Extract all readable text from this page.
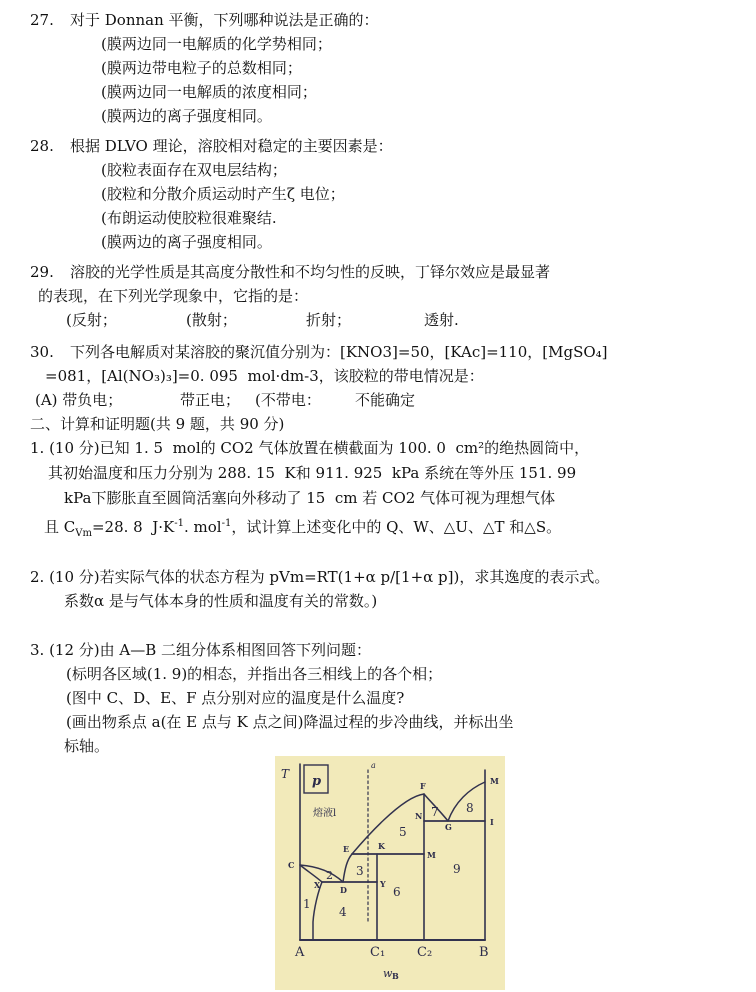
27. 对于 Donnan 平衡，下列哪种说法是正确的：
(膜两边同一电解质的化学势相同；
(膜两边带电粒子的总数相同；
(膜两边同一电解质的浓度相同；
(膜两边的离子强度相同。
28. 根据 DLVO 理论，溶胶相对稳定的主要因素是：
(胶粒表面存在双电层结构；
(胶粒和分散介质运动时产生ζ 电位；
(布朗运动使胶粒很难聚结.
(膜两边的离子强度相同。
29. 溶胶的光学性质是其高度分散性和不均匀性的反映，丁铎尔效应是最显著
的表现，在下列光学现象中，它指的是：
(反射；	(散射；	折射；	透射.
30. 下列各电解质对某溶胶的聚沉值分别为：[KNO3]=50，[KAc]=110，[MgSO₄]
=081，[Al(NO₃)₃]=0. 095  mol·dm-3，该胶粒的带电情况是：
(A) 带负电；	带正电； (不带电： 不能确定
二、计算和证明题(共 9 题，共 90 分)
1. (10 分)已知 1. 5  mol的 CO2 气体放置在横截面为 100. 0  cm²的绝热圆筒中，
其初始温度和压力分别为 288. 15  K和 911. 925  kPa 系统在等外压 151. 99
kPa下膨胀直至圆筒活塞向外移动了 15  cm 若 CO2 气体可视为理想气体
且 $C_{Vm}=28$. 8  $J\cdot K^{-1}$. mol$^{-1}$，试计算上述变化中的 Q、W、△U、△T 和△S。
2. (10 分)若实际气体的状态方程为 pVm=RT(1+α p/[1+α p])，求其逸度的表示式。
系数α 是与气体本身的性质和温度有关的常数。)
3. (12 分)由 A—B 二组分体系相图回答下列问题：
(标明各区域(1. 9)的相态，并指出各三相线上的各个相；
(图中 C、D、E、F 点分别对应的温度是什么温度?
(画出物系点 a(在 E 点与 K 点之间)降温过程的步冷曲线，并标出坐
标轴。
T p
熔液l
a
C
X D
Y
E	K
M
F
N
G	I
M
1
2 3
4
5
6
7 8
9
A	C₁ C₂	B
w B
